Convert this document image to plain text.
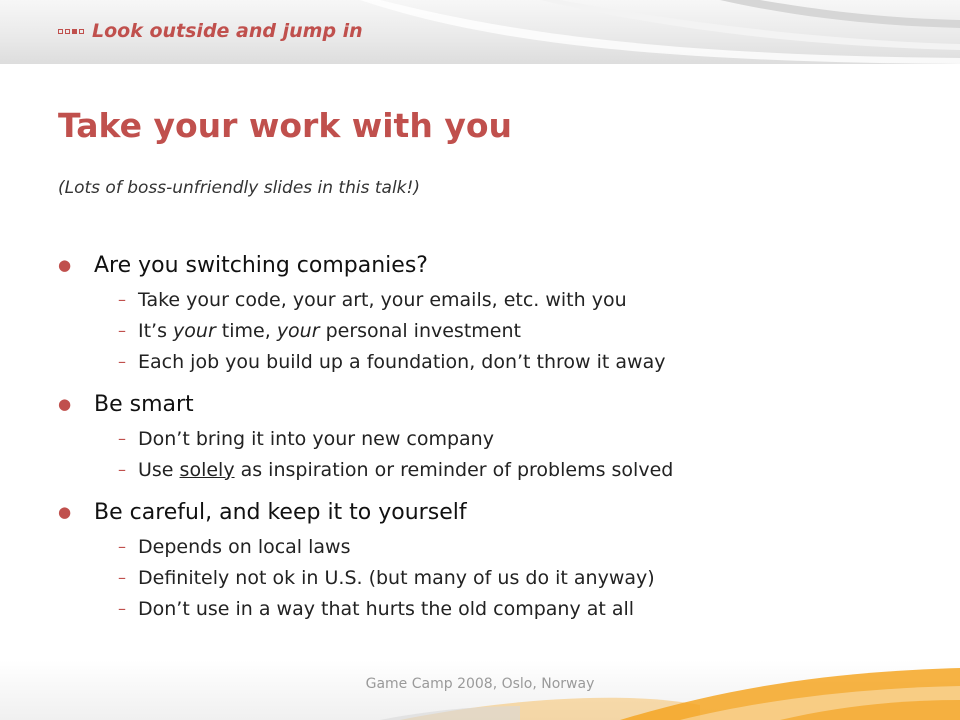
Look outside and jump in
Take your work with you
(Lots of boss-unfriendly slides in this talk!)
●	Are you switching companies?
– Take your code, your art, your emails, etc. with you
– It’s your time, your personal investment
– Each job you build up a foundation, don’t throw it away
●	Be smart
– Don’t bring it into your new company
– Use solely as inspiration or reminder of problems solved
●	Be careful, and keep it to yourself
– Depends on local laws
– Definitely not ok in U.S. (but many of us do it anyway)
– Don’t use in a way that hurts the old company at all
Game Camp 2008, Oslo, Norway
